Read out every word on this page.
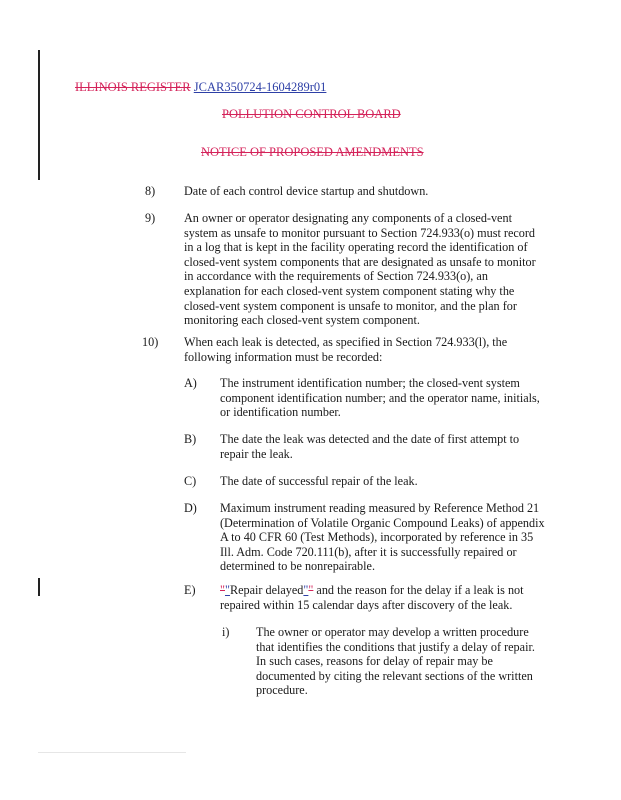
ILLINOIS REGISTER JCAR350724-1604289r01
POLLUTION CONTROL BOARD
NOTICE OF PROPOSED AMENDMENTS
8) Date of each control device startup and shutdown.
9) An owner or operator designating any components of a closed-vent system as unsafe to monitor pursuant to Section 724.933(o) must record in a log that is kept in the facility operating record the identification of closed-vent system components that are designated as unsafe to monitor in accordance with the requirements of Section 724.933(o), an explanation for each closed-vent system component stating why the closed-vent system component is unsafe to monitor, and the plan for monitoring each closed-vent system component.
10) When each leak is detected, as specified in Section 724.933(l), the following information must be recorded:
A) The instrument identification number; the closed-vent system component identification number; and the operator name, initials, or identification number.
B) The date the leak was detected and the date of first attempt to repair the leak.
C) The date of successful repair of the leak.
D) Maximum instrument reading measured by Reference Method 21 (Determination of Volatile Organic Compound Leaks) of appendix A to 40 CFR 60 (Test Methods), incorporated by reference in 35 Ill. Adm. Code 720.111(b), after it is successfully repaired or determined to be nonrepairable.
E) ""Repair delayed"" and the reason for the delay if a leak is not repaired within 15 calendar days after discovery of the leak.
i) The owner or operator may develop a written procedure that identifies the conditions that justify a delay of repair. In such cases, reasons for delay of repair may be documented by citing the relevant sections of the written procedure.
